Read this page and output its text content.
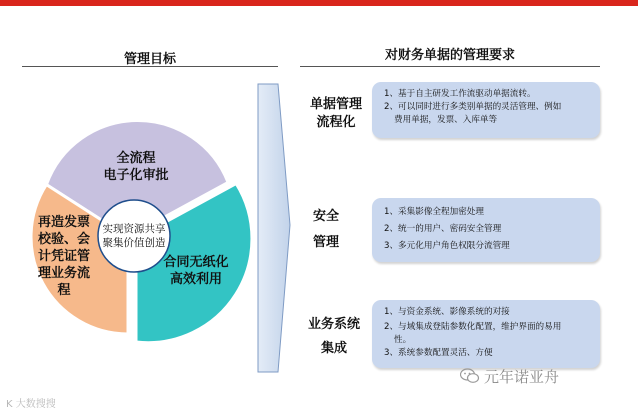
管理目标	对财务单据的管理要求
全流程
电子化审批
再造发票
校验、会
计凭证管
理业务流
程
合同无纸化
高效利用
实现资源共享
聚集价值创造
单据管理
流程化
1、基于自主研发工作流驱动单据流转。
2、可以同时进行多类别单据的灵活管理、例如
费用单据，发票、入库单等
安全
管理
1、采集影像全程加密处理
2、统一的用户、密码安全管理
3、多元化用户角色权限分流管理
业务系统
集成
1、与资金系统、影像系统的对接
2、与域集成登陆参数化配置，维护界面的易用
性。
3、系统参数配置灵活、方便
元年诺亚舟
K 大数搜搜
